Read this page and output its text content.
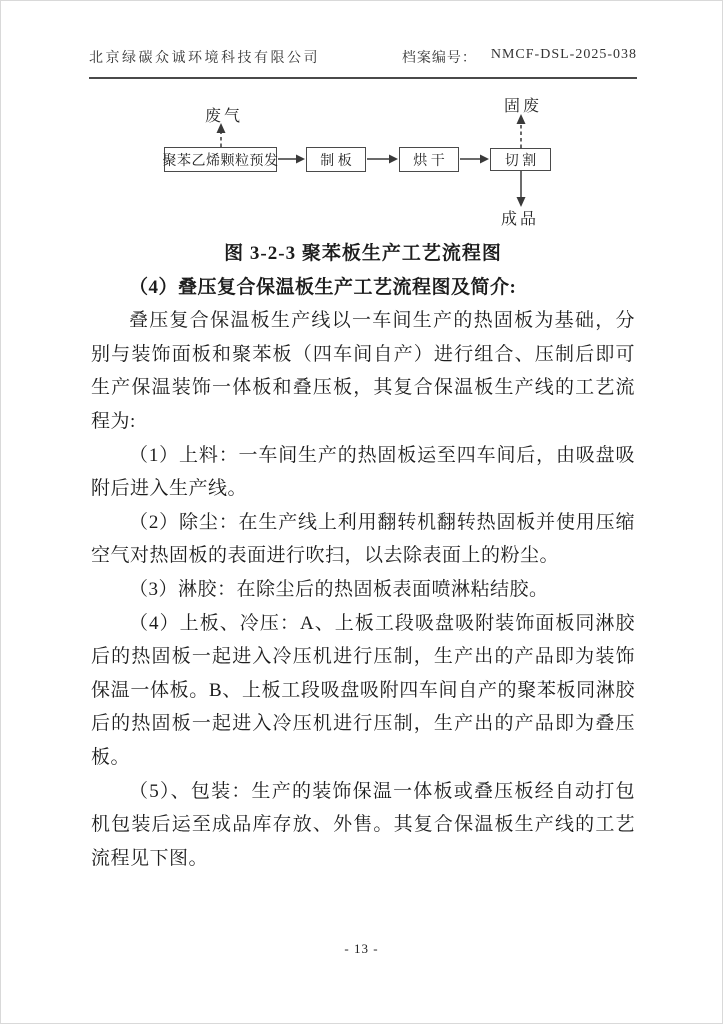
北京绿碳众诚环境科技有限公司	档案编号： NMCF-DSL-2025-038
废气
固废
成品
聚苯乙烯颗粒预发	制 板	烘 干	切 割

图 3-2-3 聚苯板生产工艺流程图

（4）叠压复合保温板生产工艺流程图及简介:

叠压复合保温板生产线以一车间生产的热固板为基础，分别与装饰面板和聚苯板（四车间自产）进行组合、压制后即可生产保温装饰一体板和叠压板，其复合保温板生产线的工艺流程为:

（1）上料：一车间生产的热固板运至四车间后，由吸盘吸附后进入生产线。

（2）除尘：在生产线上利用翻转机翻转热固板并使用压缩空气对热固板的表面进行吹扫，以去除表面上的粉尘。

（3）淋胶：在除尘后的热固板表面喷淋粘结胶。

（4）上板、冷压：A、上板工段吸盘吸附装饰面板同淋胶后的热固板一起进入冷压机进行压制，生产出的产品即为装饰保温一体板。B、上板工段吸盘吸附四车间自产的聚苯板同淋胶后的热固板一起进入冷压机进行压制，生产出的产品即为叠压板。

（5）、包装：生产的装饰保温一体板或叠压板经自动打包机包装后运至成品库存放、外售。其复合保温板生产线的工艺流程见下图。

- 13 -
